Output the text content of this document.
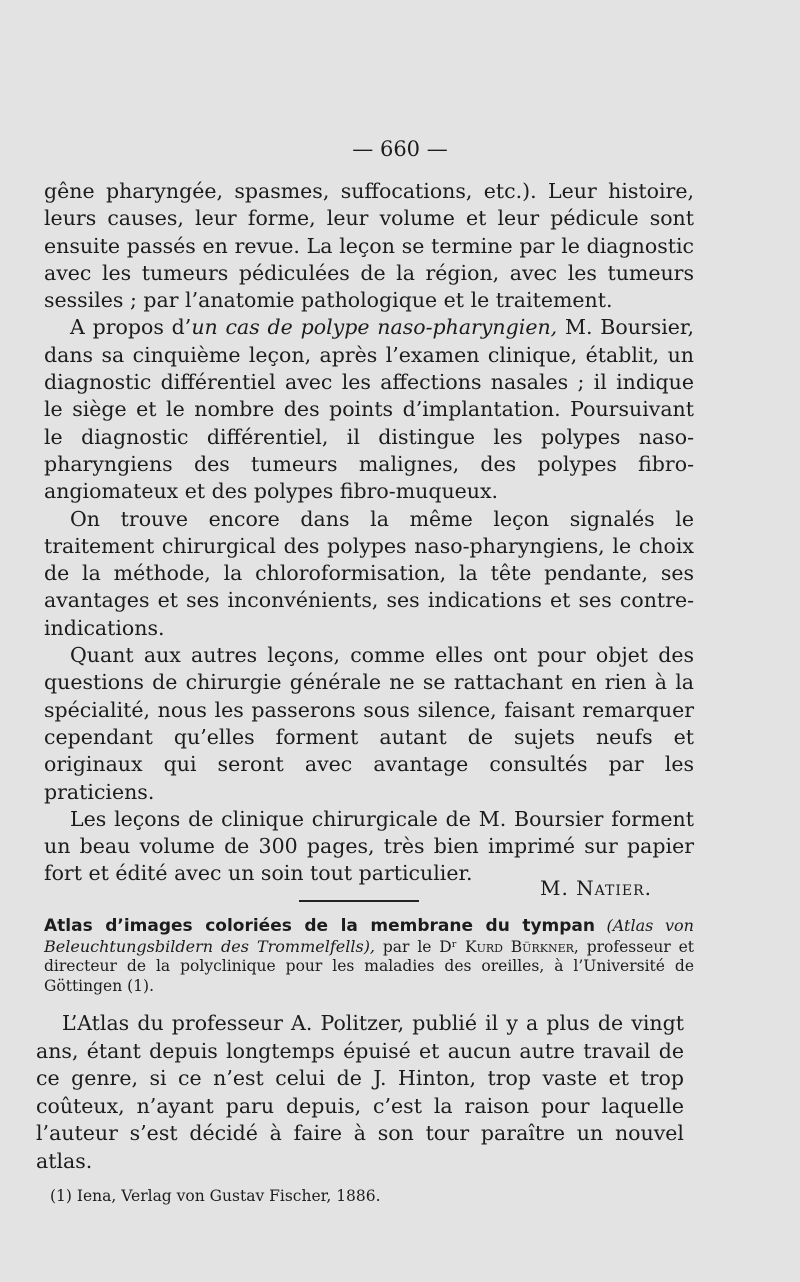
— 660 —

gêne pharyngée, spasmes, suffocations, etc.). Leur histoire, leurs causes, leur forme, leur volume et leur pédicule sont ensuite passés en revue. La leçon se termine par le diagnostic avec les tumeurs pédiculées de la région, avec les tumeurs sessiles ; par l’anatomie pathologique et le traitement.

A propos d’un cas de polype naso-pharyngien, M. Boursier, dans sa cinquième leçon, après l’examen clinique, établit, un diagnostic différentiel avec les affections nasales ; il indique le siège et le nombre des points d’implantation. Poursuivant le diagnostic différentiel, il distingue les polypes naso-pharyngiens des tumeurs malignes, des polypes fibro-angiomateux et des polypes fibro-muqueux.

On trouve encore dans la même leçon signalés le traitement chirurgical des polypes naso-pharyngiens, le choix de la méthode, la chloroformisation, la tête pendante, ses avantages et ses inconvénients, ses indications et ses contre-indications.

Quant aux autres leçons, comme elles ont pour objet des questions de chirurgie générale ne se rattachant en rien à la spécialité, nous les passerons sous silence, faisant remarquer cependant qu’elles forment autant de sujets neufs et originaux qui seront avec avantage consultés par les praticiens.

Les leçons de clinique chirurgicale de M. Boursier forment un beau volume de 300 pages, très bien imprimé sur papier fort et édité avec un soin tout particulier.

M. Natier.
Atlas d’images coloriées de la membrane du tympan (Atlas von Beleuchtungsbildern des Trommelfells), par le Dʳ Kurd Bürkner, professeur et directeur de la polyclinique pour les maladies des oreilles, à l’Université de Göttingen (1).

L’Atlas du professeur A. Politzer, publié il y a plus de vingt ans, étant depuis longtemps épuisé et aucun autre travail de ce genre, si ce n’est celui de J. Hinton, trop vaste et trop coûteux, n’ayant paru depuis, c’est la raison pour laquelle l’auteur s’est décidé à faire à son tour paraître un nouvel atlas.

(1) Iena, Verlag von Gustav Fischer, 1886.
